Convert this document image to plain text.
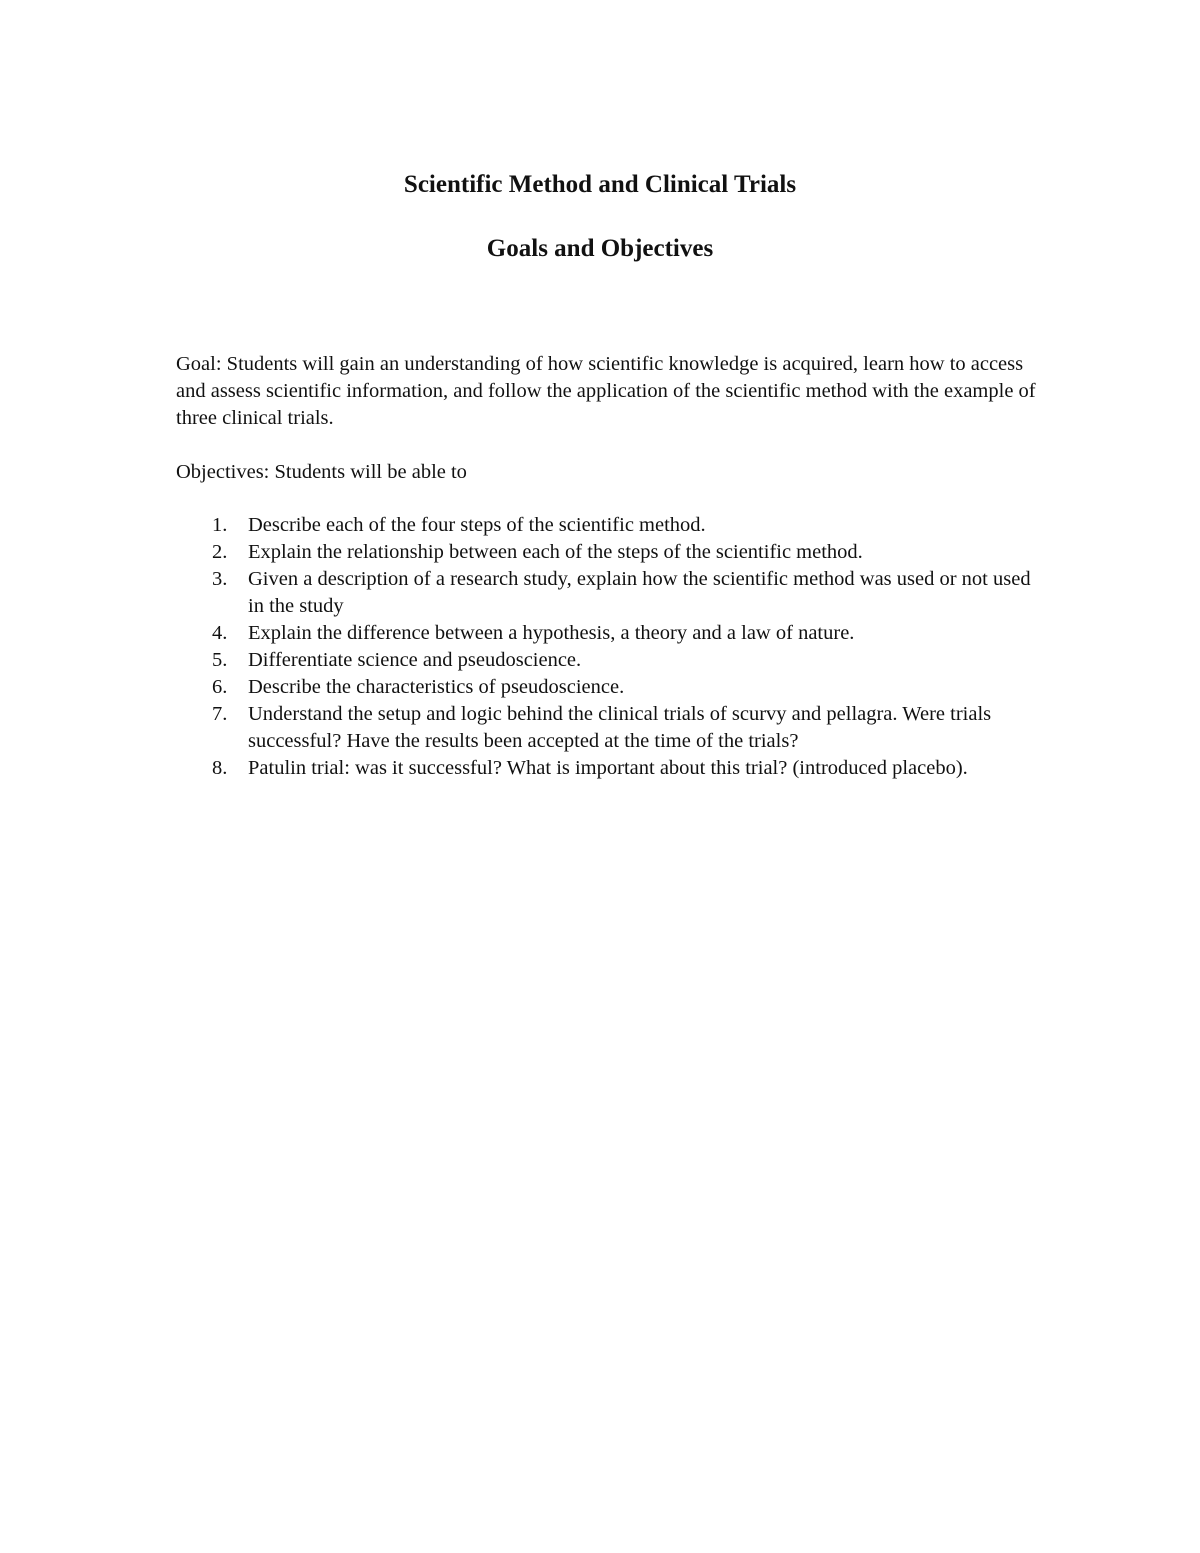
Scientific Method and Clinical Trials
Goals and Objectives

Goal: Students will gain an understanding of how scientific knowledge is acquired, learn how to access and assess scientific information, and follow the application of the scientific method with the example of three clinical trials.

Objectives: Students will be able to

1.	Describe each of the four steps of the scientific method.
2.	Explain the relationship between each of the steps of the scientific method.
3.	Given a description of a research study, explain how the scientific method was used or not used in the study
4.	Explain the difference between a hypothesis, a theory and a law of nature.
5.	Differentiate science and pseudoscience.
6.	Describe the characteristics of pseudoscience.
7.	Understand the setup and logic behind the clinical trials of scurvy and pellagra. Were trials successful? Have the results been accepted at the time of the trials?
8.	Patulin trial: was it successful? What is important about this trial? (introduced placebo).
